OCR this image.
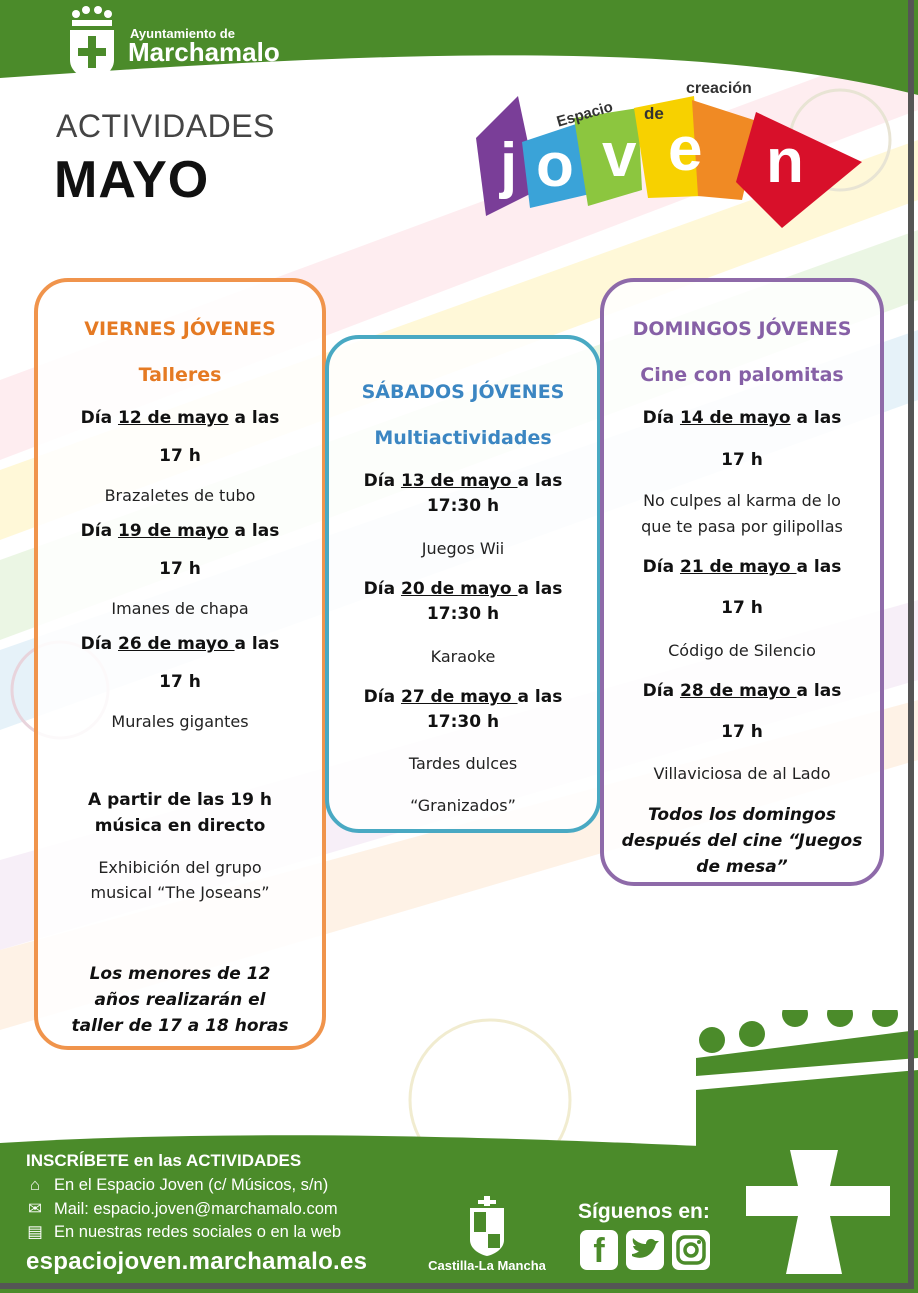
Ayuntamiento de
Marchamalo
ACTIVIDADES
MAYO
Espacio de
creación
j o v e n
VIERNES JÓVENES
Talleres
Día 12 de mayo a las
17 h
Brazaletes de tubo
Día 19 de mayo a las
17 h
Imanes de chapa
Día 26 de mayo a las
17 h
Murales gigantes
A partir de las 19 h
música en directo
Exhibición del grupo
musical “The Joseans”
Los menores de 12
años realizarán el
taller de 17 a 18 horas
SÁBADOS JÓVENES
Multiactividades
Día 13 de mayo a las
17:30 h
Juegos Wii
Día 20 de mayo a las
17:30 h
Karaoke
Día 27 de mayo a las
17:30 h
Tardes dulces
“Granizados”
DOMINGOS JÓVENES
Cine con palomitas
Día 14 de mayo a las
17 h
No culpes al karma de lo
que te pasa por gilipollas
Día 21 de mayo a las
17 h
Código de Silencio
Día 28 de mayo a las
17 h
Villaviciosa de al Lado
Todos los domingos
después del cine “Juegos
de mesa”
INSCRÍBETE en las ACTIVIDADES
⌂ En el Espacio Joven (c/ Músicos, s/n)
✉ Mail: espacio.joven@marchamalo.com
▤ En nuestras redes sociales o en la web
espaciojoven.marchamalo.es	Castilla-La Mancha
Síguenos en:
f
